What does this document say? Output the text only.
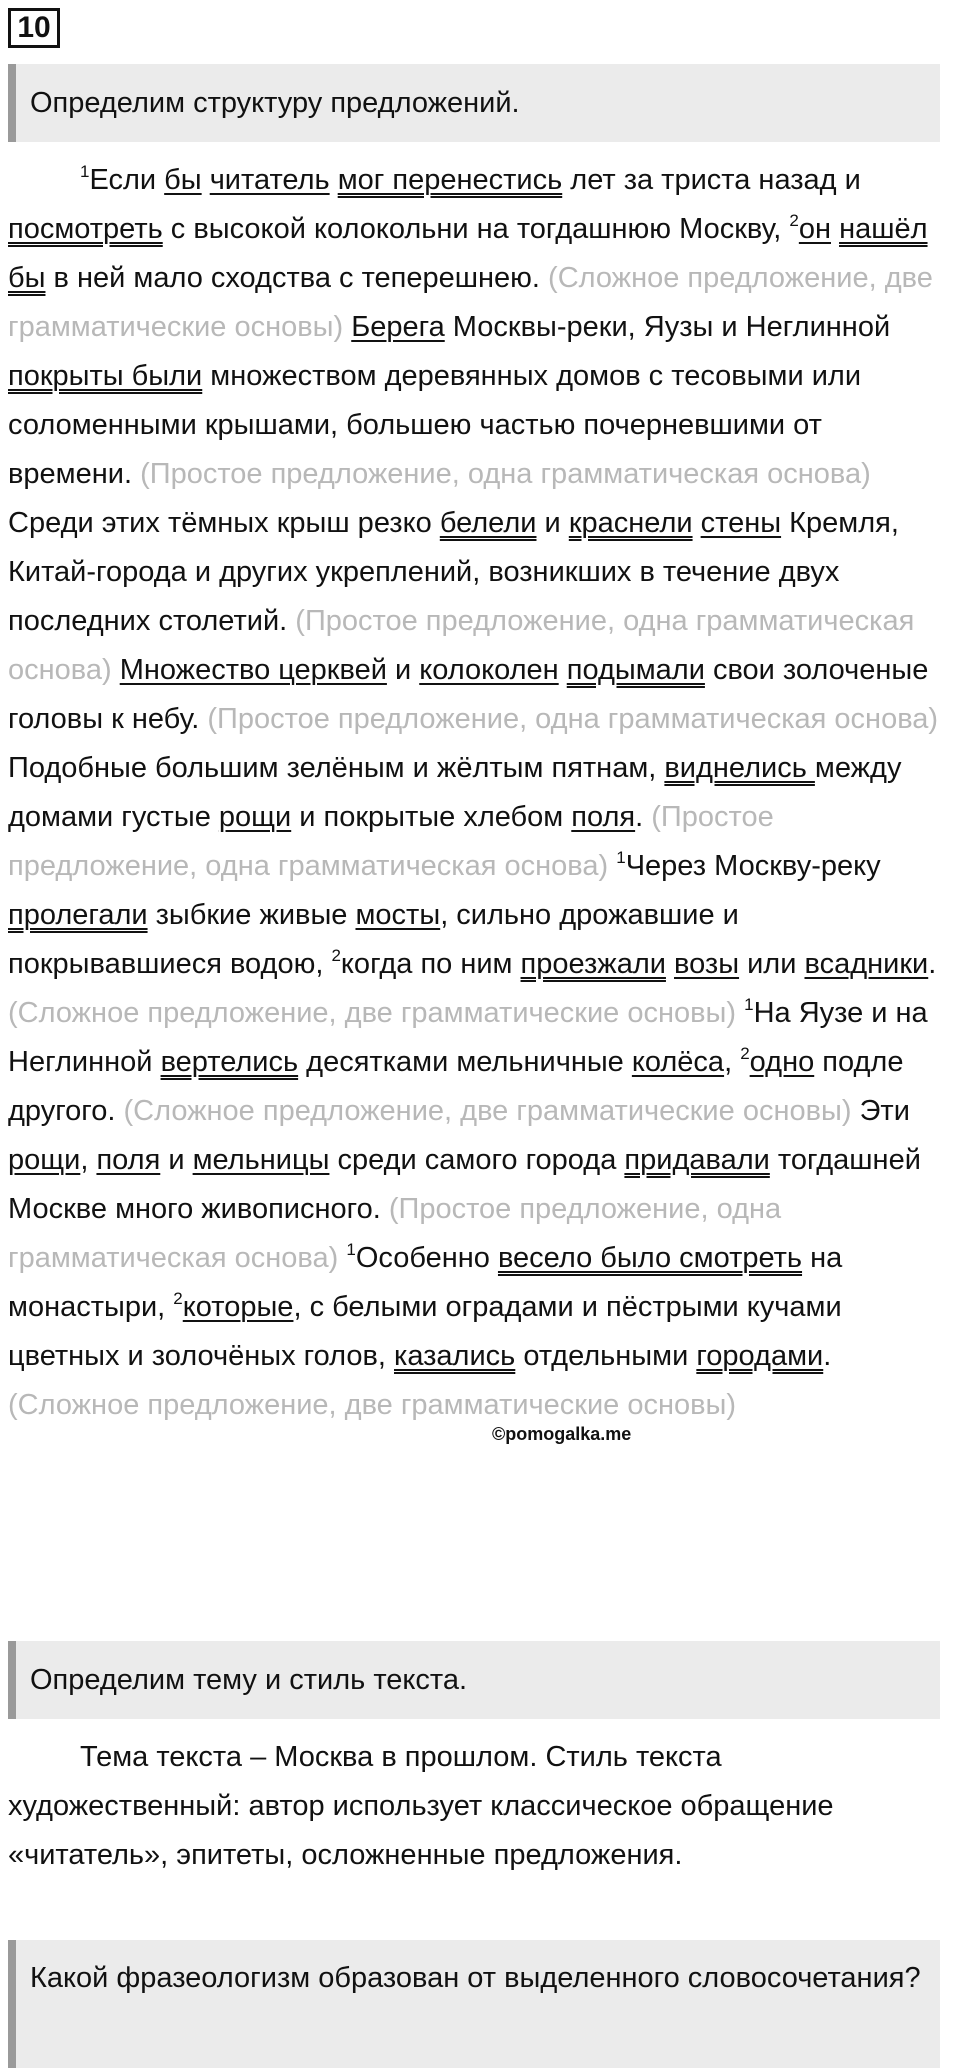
10
Определим структуру предложений.
$^1$Если бы читатель мог перенестись лет за триста назад и посмотреть с высокой колокольни на тогдашнюю Москву, $^2$он нашёл бы в ней мало сходства с теперешнею. (Сложное предложение, две грамматические основы) Берега Москвы-реки, Яузы и Неглинной покрыты были множеством деревянных домов с тесовыми или соломенными крышами, большею частью почерневшими от времени. (Простое предложение, одна грамматическая основа) Среди этих тёмных крыш резко белели и краснели стены Кремля, Китай-города и других укреплений, возникших в течение двух последних столетий. (Простое предложение, одна грамматическая основа) Множество церквей и колоколен подымали свои золоченые головы к небу. (Простое предложение, одна грамматическая основа) Подобные большим зелёным и жёлтым пятнам, виднелись между домами густые рощи и покрытые хлебом поля. (Простое предложение, одна грамматическая основа) $^1$Через Москву-реку пролегали зыбкие живые мосты, сильно дрожавшие и покрывавшиеся водою, $^2$когда по ним проезжали возы или всадники. (Сложное предложение, две грамматические основы) $^1$На Яузе и на Неглинной вертелись десятками мельничные колёса, $^2$одно подле другого. (Сложное предложение, две грамматические основы) Эти рощи, поля и мельницы среди самого города придавали тогдашней Москве много живописного. (Простое предложение, одна грамматическая основа) $^1$Особенно весело было смотреть на монастыри, $^2$которые, с белыми оградами и пёстрыми кучами цветных и золочёных голов, казались отдельными городами. (Сложное предложение, две грамматические основы)
©pomogalka.me
Определим тему и стиль текста.
Тема текста – Москва в прошлом. Стиль текста художественный: автор использует классическое обращение «читатель», эпитеты, осложненные предложения.
Какой фразеологизм образован от выделенного словосочетания?
